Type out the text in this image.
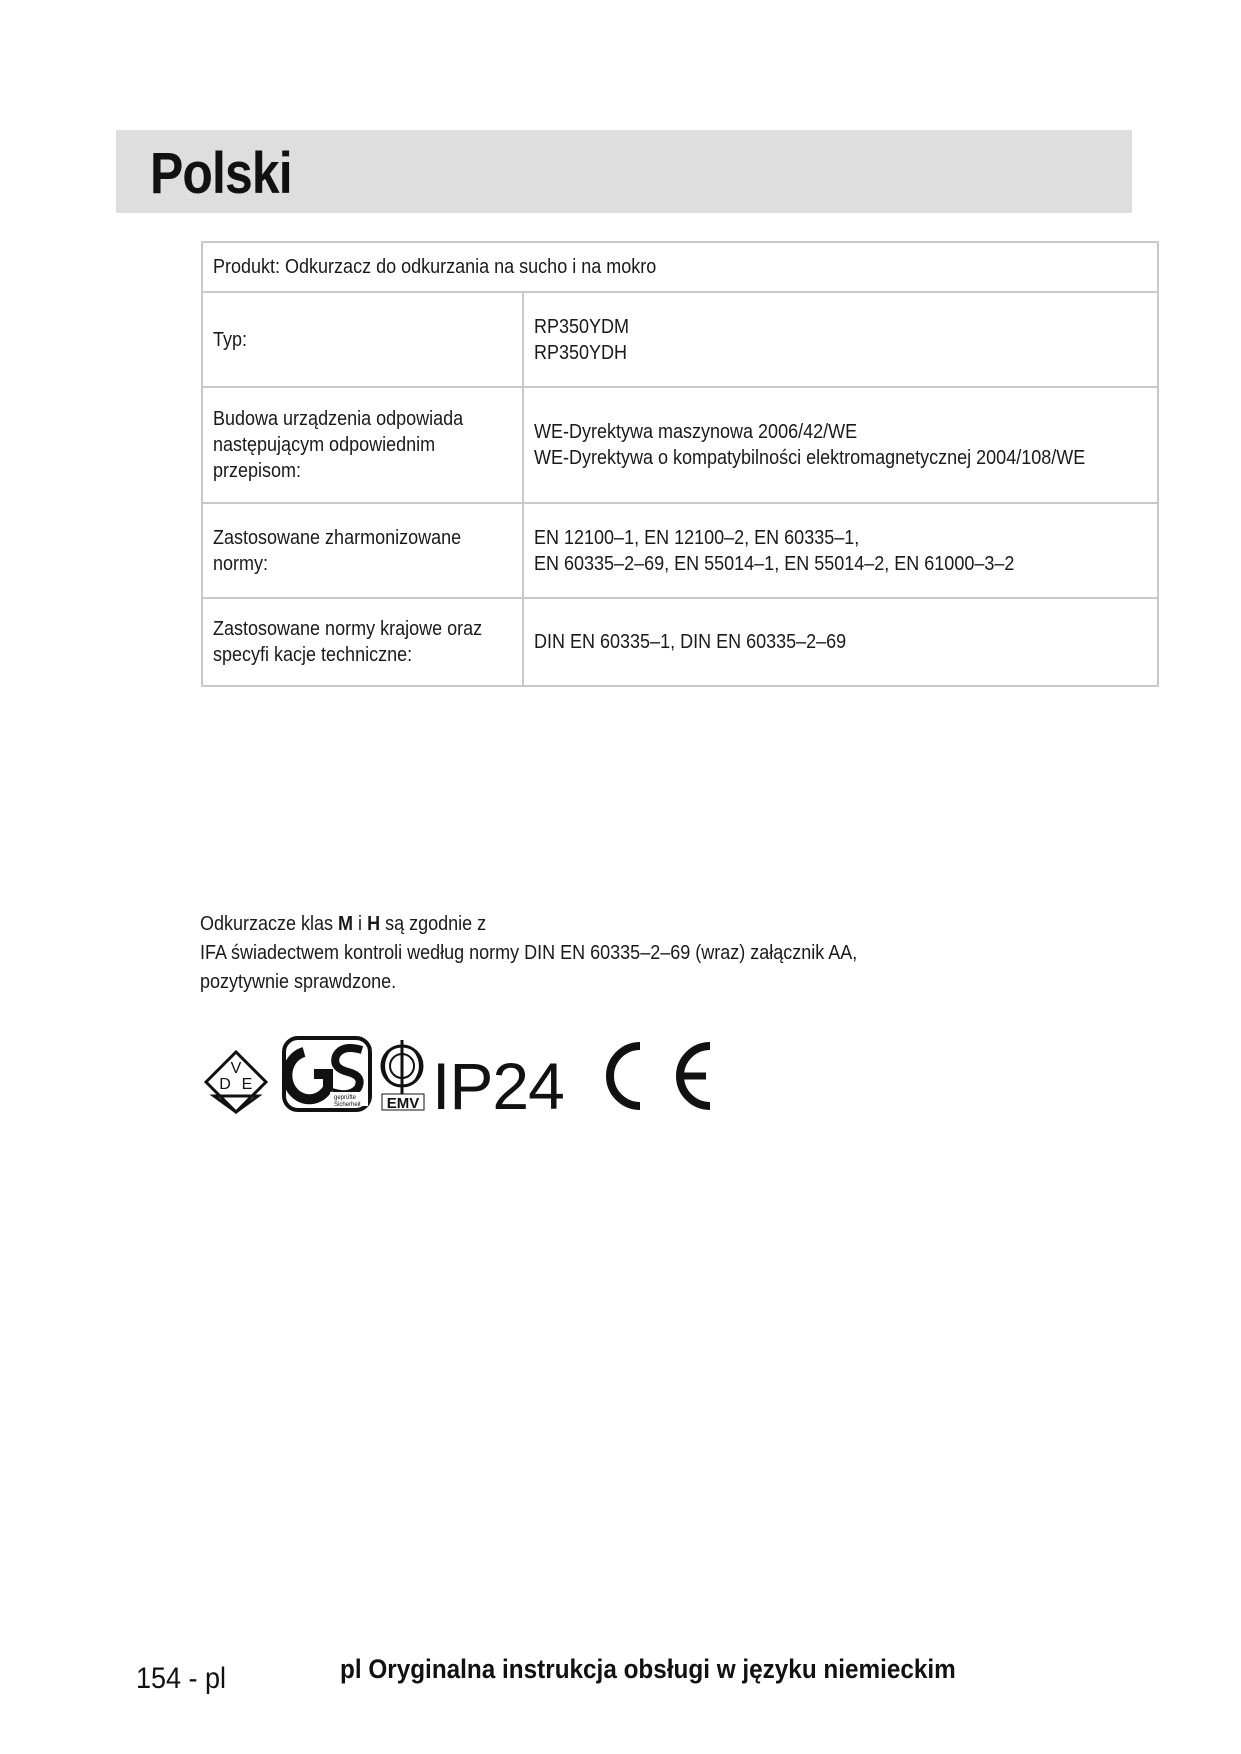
Polski
Produkt: Odkurzacz do odkurzania na sucho i na mokro	
Typ:	RP350YDM
RP350YDH
Budowa urządzenia odpowiada
następującym odpowiednim
przepisom:	WE-Dyrektywa maszynowa 2006/42/WE
WE-Dyrektywa o kompatybilności elektromagnetycznej 2004/108/WE
Zastosowane zharmonizowane
normy:	EN 12100–1, EN 12100–2, EN 60335–1,
EN 60335–2–69, EN 55014–1, EN 55014–2, EN 61000–3–2
Zastosowane normy krajowe oraz
specyfi kacje techniczne:	DIN EN 60335–1, DIN EN 60335–2–69

Odkurzacze klas M i H są zgodnie z

IFA świadectwem kontroli według normy DIN EN 60335–2–69 (wraz) załącznik AA,

pozytywnie sprawdzone.

V
D E
geprüfte
Sicherheit EMV IP24
154 - pl	pl Oryginalna instrukcja obsługi w języku niemieckim
